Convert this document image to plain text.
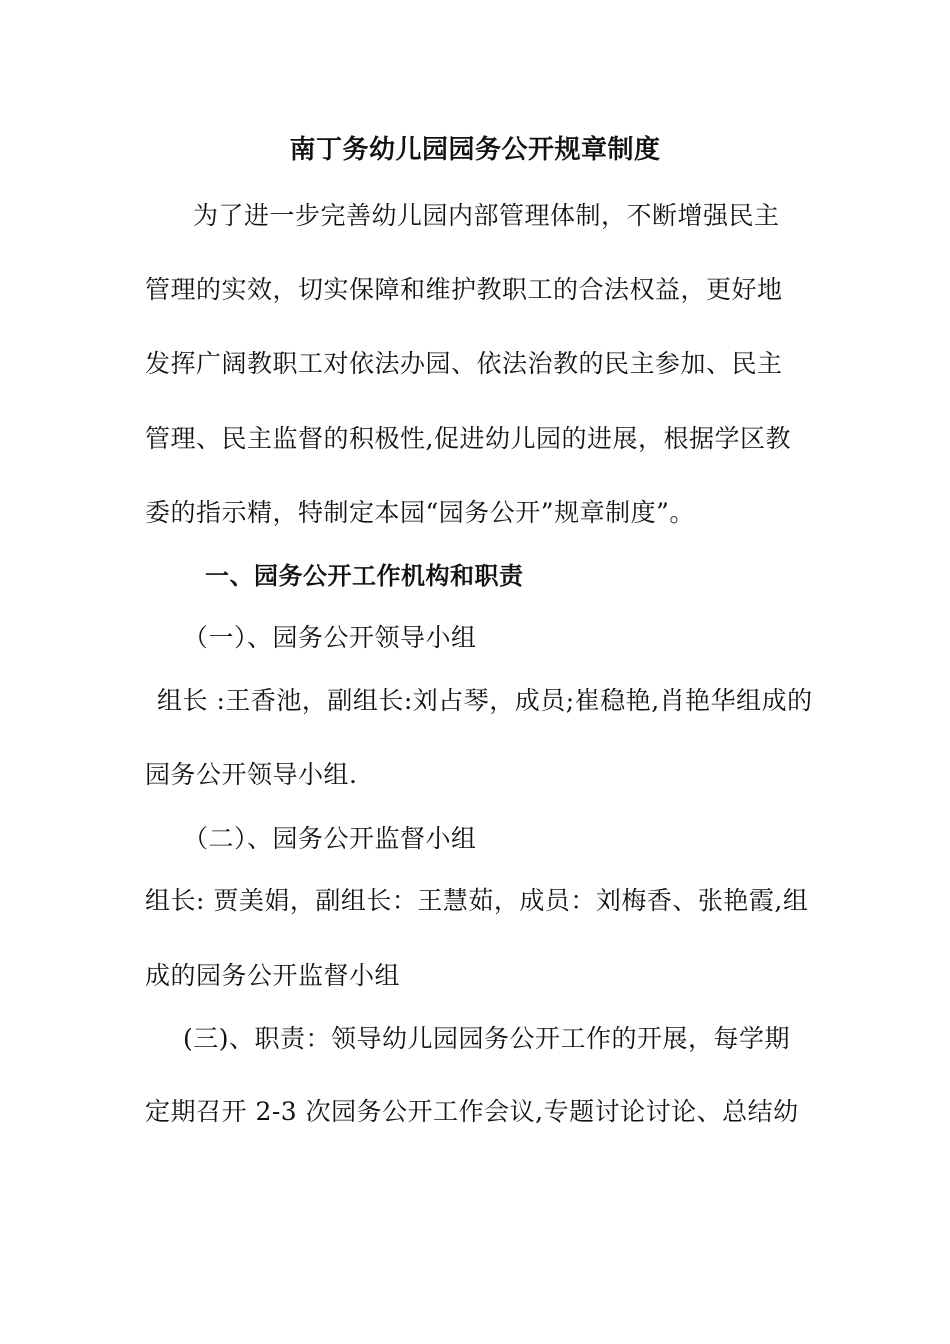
南丁务幼儿园园务公开规章制度
为了进一步完善幼儿园内部管理体制，不断增强民主
管理的实效，切实保障和维护教职工的合法权益，更好地
发挥广阔教职工对依法办园、依法治教的民主参加、民主
管理、民主监督的积极性,促进幼儿园的进展，根据学区教
委的指示精，特制定本园“园务公开”规章制度”。
一、园务公开工作机构和职责
（一）、园务公开领导小组
组长 :王香池，副组长:刘占琴，成员;崔稳艳,肖艳华组成的
园务公开领导小组.
（二）、园务公开监督小组
组长: 贾美娟，副组长：王慧茹，成员：刘梅香、张艳霞,组
成的园务公开监督小组
(三)、职责：领导幼儿园园务公开工作的开展，每学期
定期召开 2-3 次园务公开工作会议,专题讨论讨论、总结幼
